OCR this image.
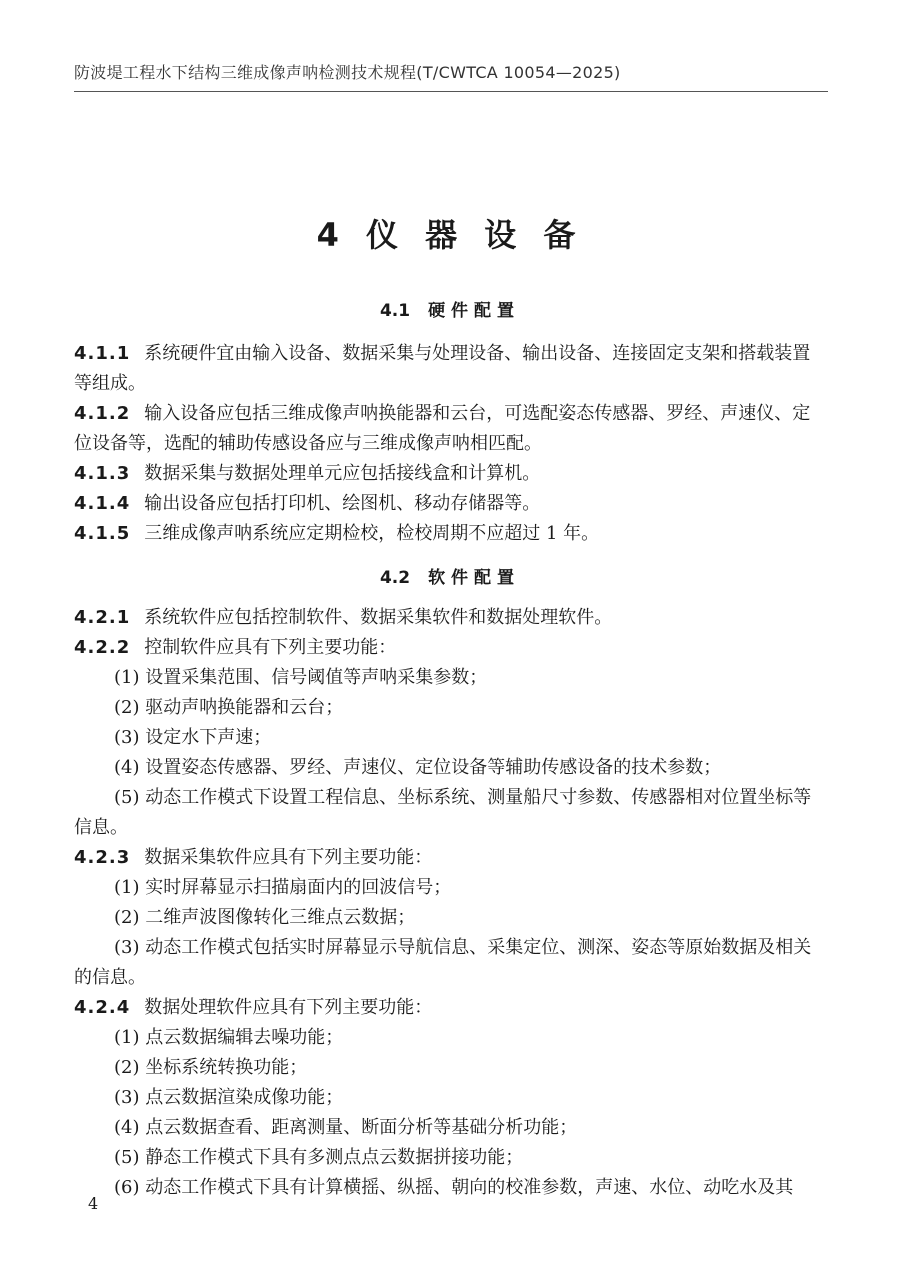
防波堤工程水下结构三维成像声呐检测技术规程(T/CWTCA 10054—2025)
4 仪 器 设 备
4.1 硬件配置
4.1.1 系统硬件宜由输入设备、数据采集与处理设备、输出设备、连接固定支架和搭载装置等组成。
4.1.2 输入设备应包括三维成像声呐换能器和云台，可选配姿态传感器、罗经、声速仪、定位设备等，选配的辅助传感设备应与三维成像声呐相匹配。
4.1.3 数据采集与数据处理单元应包括接线盒和计算机。
4.1.4 输出设备应包括打印机、绘图机、移动存储器等。
4.1.5 三维成像声呐系统应定期检校，检校周期不应超过 1 年。
4.2 软件配置
4.2.1 系统软件应包括控制软件、数据采集软件和数据处理软件。
4.2.2 控制软件应具有下列主要功能：
(1) 设置采集范围、信号阈值等声呐采集参数；
(2) 驱动声呐换能器和云台；
(3) 设定水下声速；
(4) 设置姿态传感器、罗经、声速仪、定位设备等辅助传感设备的技术参数；
(5) 动态工作模式下设置工程信息、坐标系统、测量船尺寸参数、传感器相对位置坐标等信息。
4.2.3 数据采集软件应具有下列主要功能：
(1) 实时屏幕显示扫描扇面内的回波信号；
(2) 二维声波图像转化三维点云数据；
(3) 动态工作模式包括实时屏幕显示导航信息、采集定位、测深、姿态等原始数据及相关的信息。
4.2.4 数据处理软件应具有下列主要功能：
(1) 点云数据编辑去噪功能；
(2) 坐标系统转换功能；
(3) 点云数据渲染成像功能；
(4) 点云数据查看、距离测量、断面分析等基础分析功能；
(5) 静态工作模式下具有多测点点云数据拼接功能；
(6) 动态工作模式下具有计算横摇、纵摇、朝向的校准参数，声速、水位、动吃水及其
4
